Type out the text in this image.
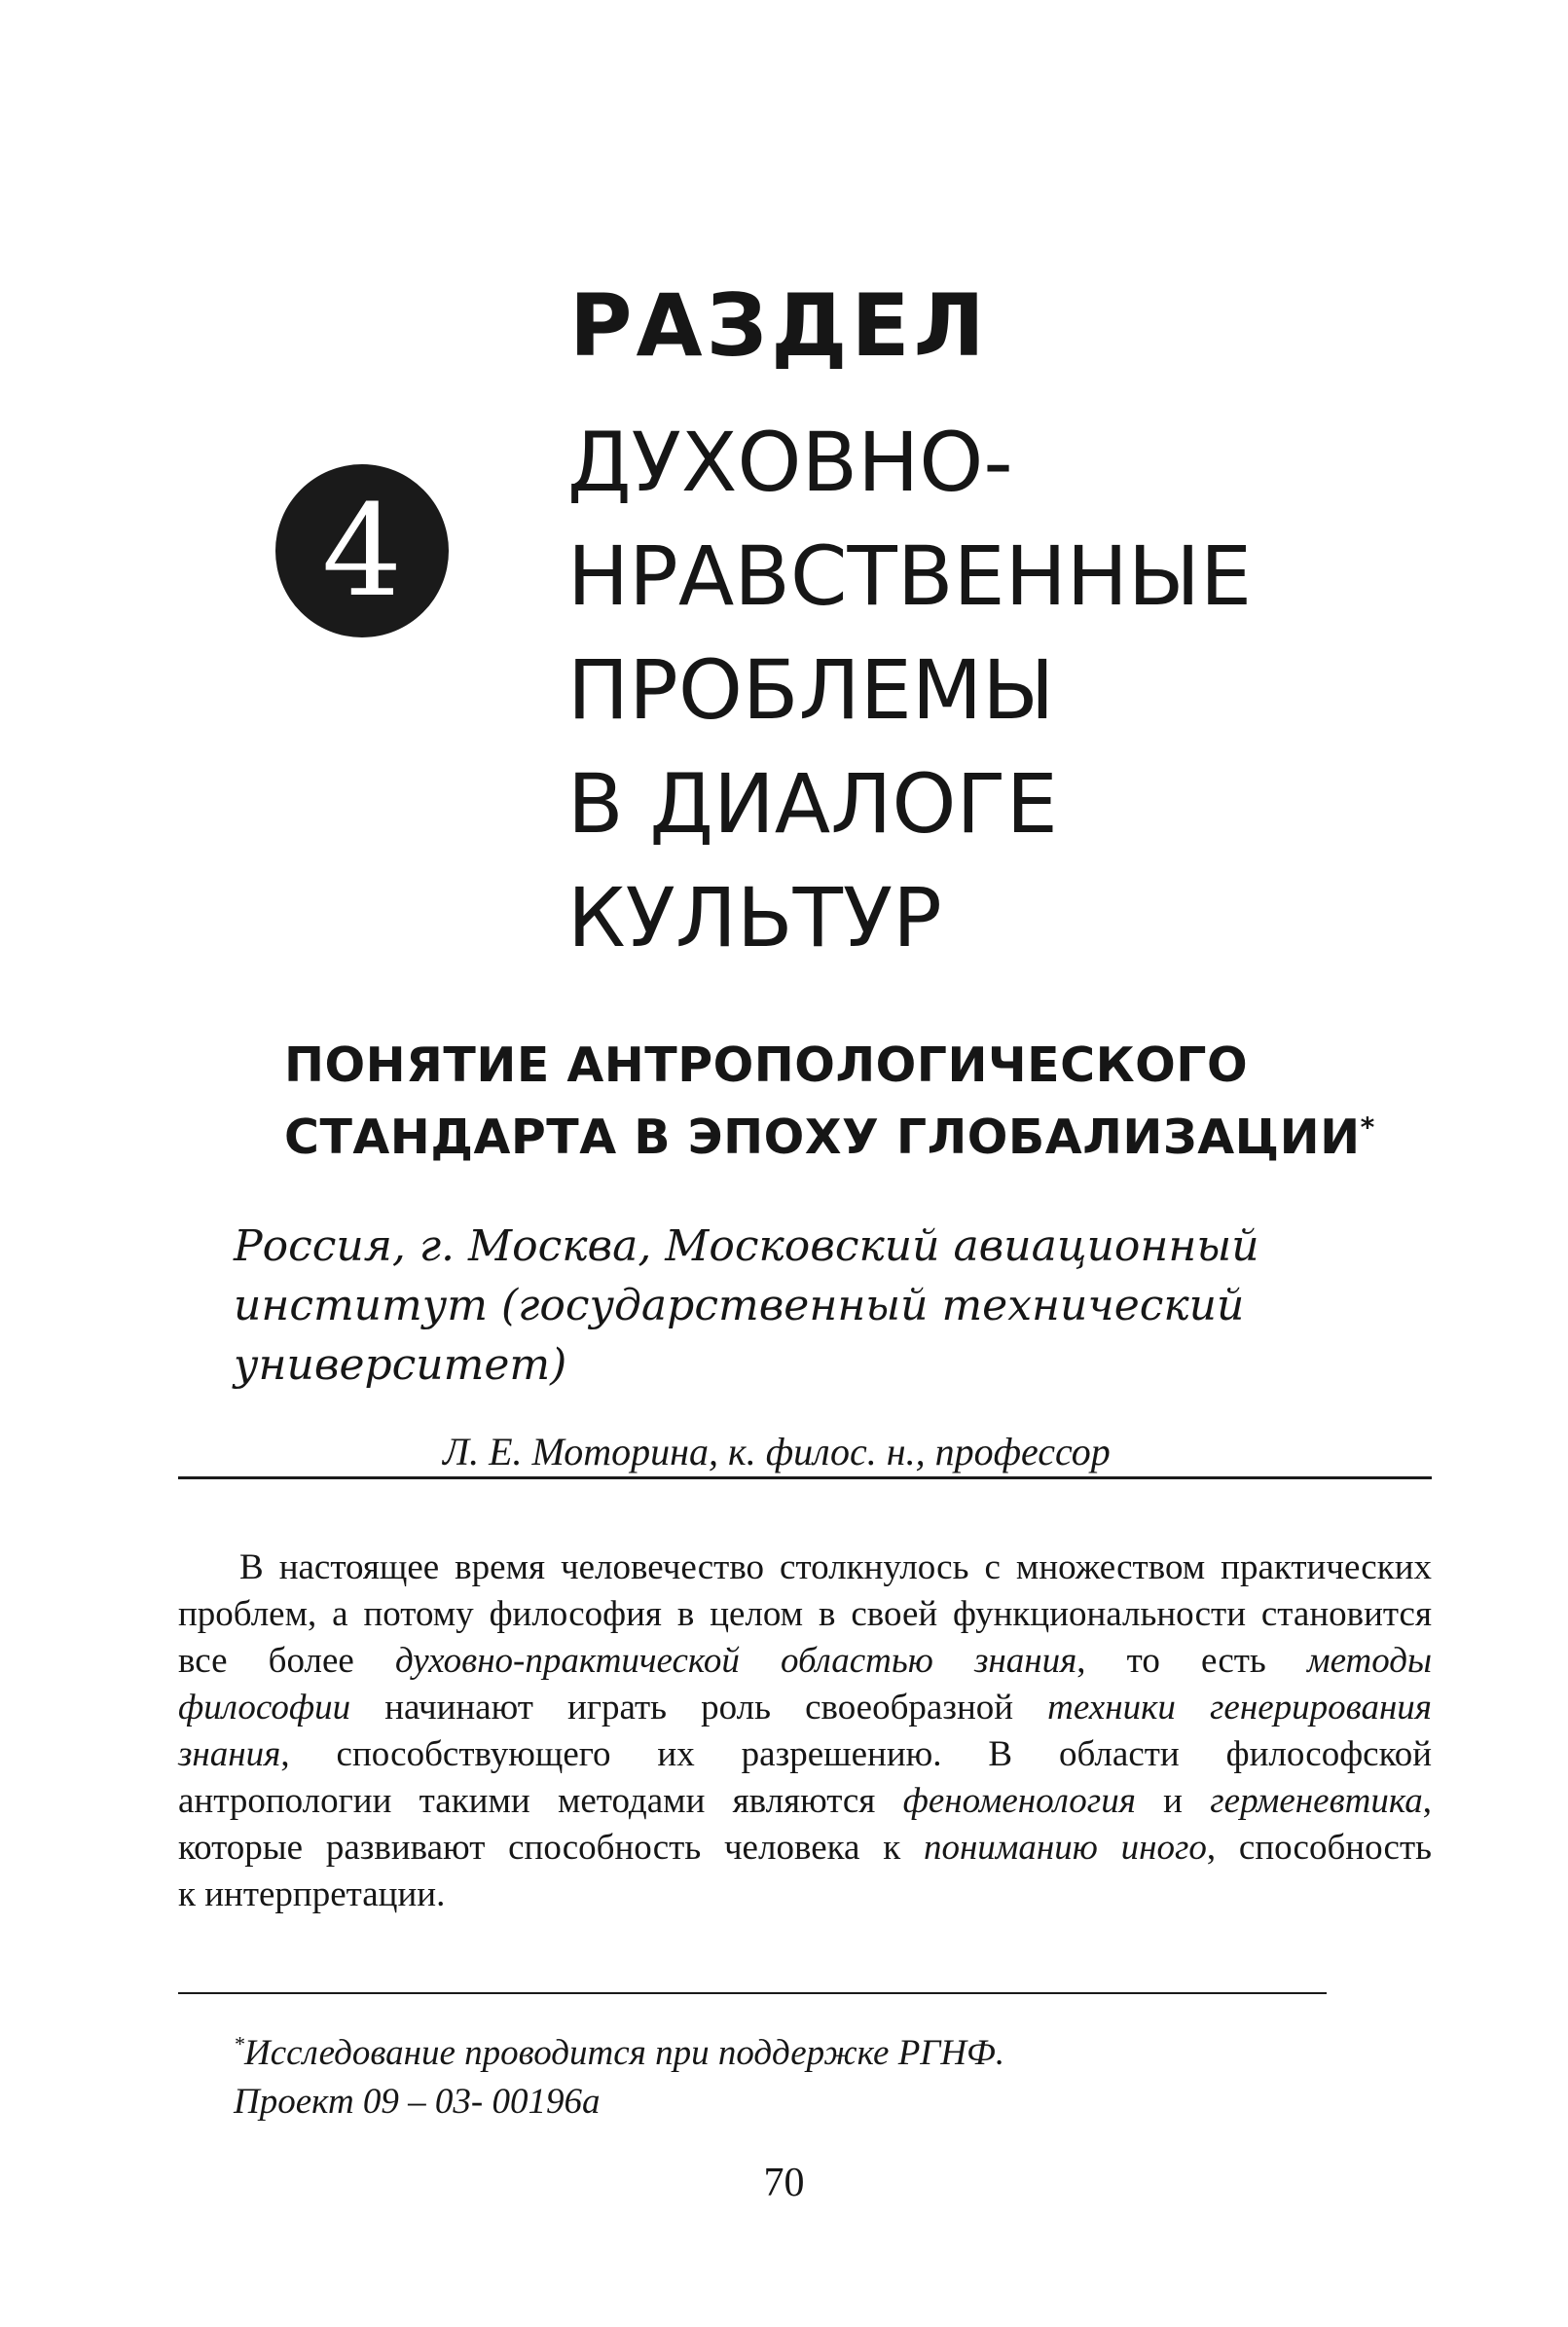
4
РАЗДЕЛ
ДУХОВНО-
НРАВСТВЕННЫЕ
ПРОБЛЕМЫ
В ДИАЛОГЕ
КУЛЬТУР
ПОНЯТИЕ АНТРОПОЛОГИЧЕСКОГО
СТАНДАРТА В ЭПОХУ ГЛОБАЛИЗАЦИИ*

Россия, г. Москва, Московский авиационный
институт (государственный технический
университет)

Л. Е. Моторина, к. филос. н., профессор

В настоящее время человечество столкнулось с множеством практических
проблем, а потому философия в целом в своей функциональности становится
все более духовно-практической областью знания, то есть методы
философии начинают играть роль своеобразной техники генерирования
знания, способствующего их разрешению. В области философской
антропологии такими методами являются феноменология и герменевтика,
которые развивают способность человека к пониманию иного, способность
к интерпретации.

*Исследование проводится при поддержке РГНФ.
Проект 09 – 03- 00196а

70
